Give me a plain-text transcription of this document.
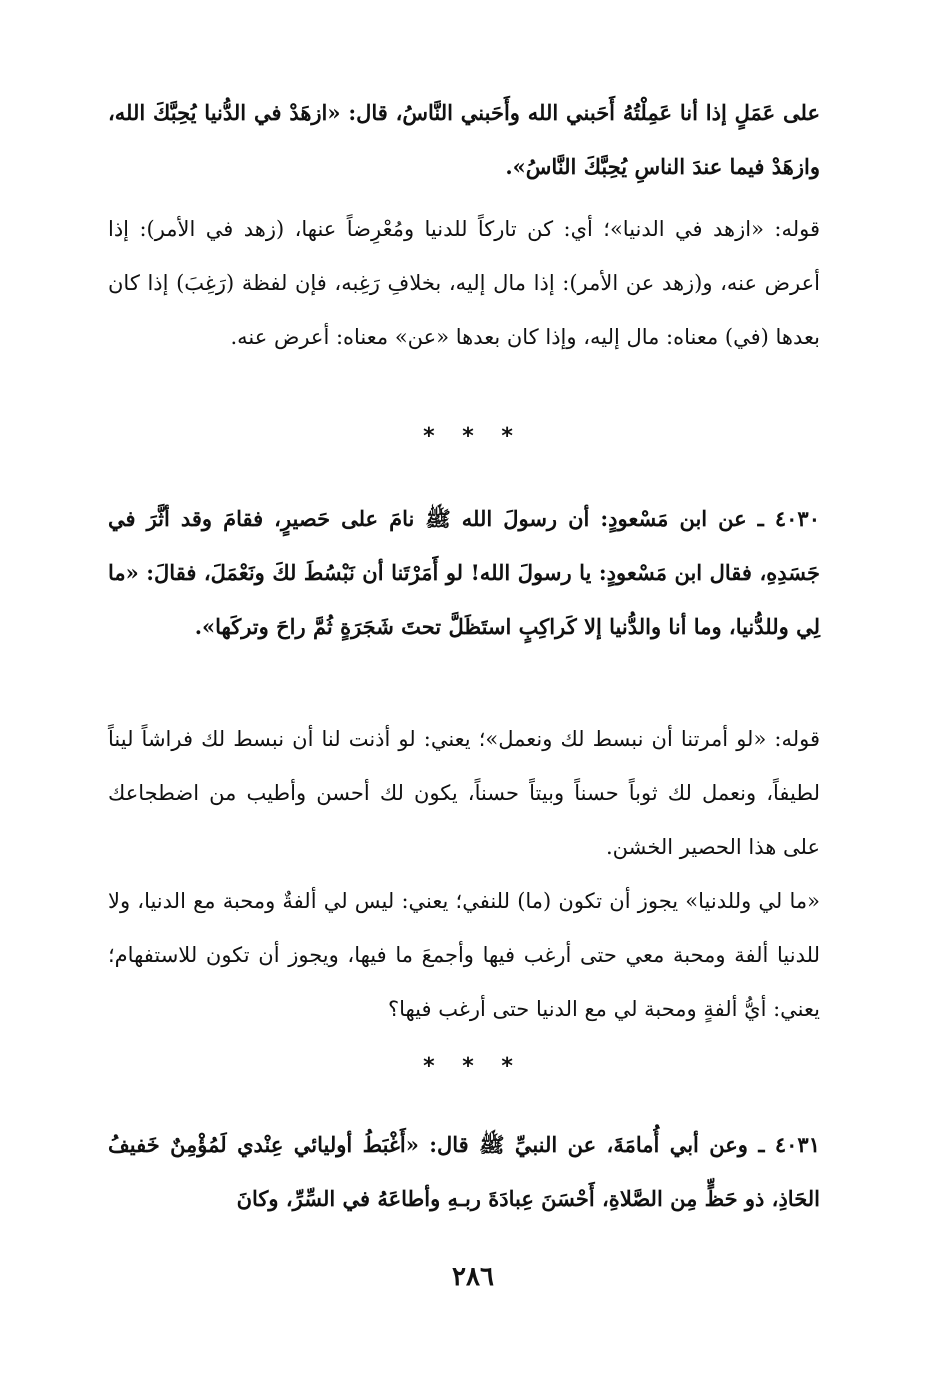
على عَمَلٍ إذا أنا عَمِلْتُهُ أَحَبني الله وأَحَبني النَّاسُ، قال: «ازهَدْ في الدُّنيا يُحِبَّكَ الله، وازهَدْ فيما عندَ الناسِ يُحِبَّكَ النَّاسُ».

قوله: «ازهد في الدنيا»؛ أي: كن تاركاً للدنيا ومُعْرِضاً عنها، (زهد في الأمر): إذا أعرض عنه، و(زهد عن الأمر): إذا مال إليه، بخلافِ رَغِبه، فإن لفظة (رَغِبَ) إذا كان بعدها (في) معناه: مال إليه، وإذا كان بعدها «عن» معناه: أعرض عنه.

* * *

٤٠٣٠ ـ عن ابن مَسْعودٍ: أن رسولَ الله ﷺ نامَ على حَصيرٍ، فقامَ وقد أثَّرَ في جَسَدِهِ، فقال ابن مَسْعودٍ: يا رسولَ الله! لو أَمَرْتَنا أن نَبْسُطَ لكَ ونَعْمَلَ، فقالَ: «ما لِي وللدُّنيا، وما أنا والدُّنيا إلا كَراكِبٍ استَظَلَّ تحتَ شَجَرَةٍ ثُمَّ راحَ وتركَها».

قوله: «لو أمرتنا أن نبسط لك ونعمل»؛ يعني: لو أذنت لنا أن نبسط لك فراشاً ليناً لطيفاً، ونعمل لك ثوباً حسناً وبيتاً حسناً، يكون لك أحسن وأطيب من اضطجاعك على هذا الحصير الخشن.

«ما لي وللدنيا» يجوز أن تكون (ما) للنفي؛ يعني: ليس لي ألفةٌ ومحبة مع الدنيا، ولا للدنيا ألفة ومحبة معي حتى أرغب فيها وأجمعَ ما فيها، ويجوز أن تكون للاستفهام؛ يعني: أيُّ ألفةٍ ومحبة لي مع الدنيا حتى أرغب فيها؟

* * *

٤٠٣١ ـ وعن أبي أُمامَةَ، عن النبيِّ ﷺ قال: «أَغْبَطُ أوليائي عِنْدي لَمُؤْمِنٌ خَفيفُ الحَاذِ، ذو حَظٍّ مِن الصَّلاةِ، أَحْسَنَ عِبادَةَ ربـهِ وأطاعَهُ في السِّرِّ، وكانَ

٢٨٦
